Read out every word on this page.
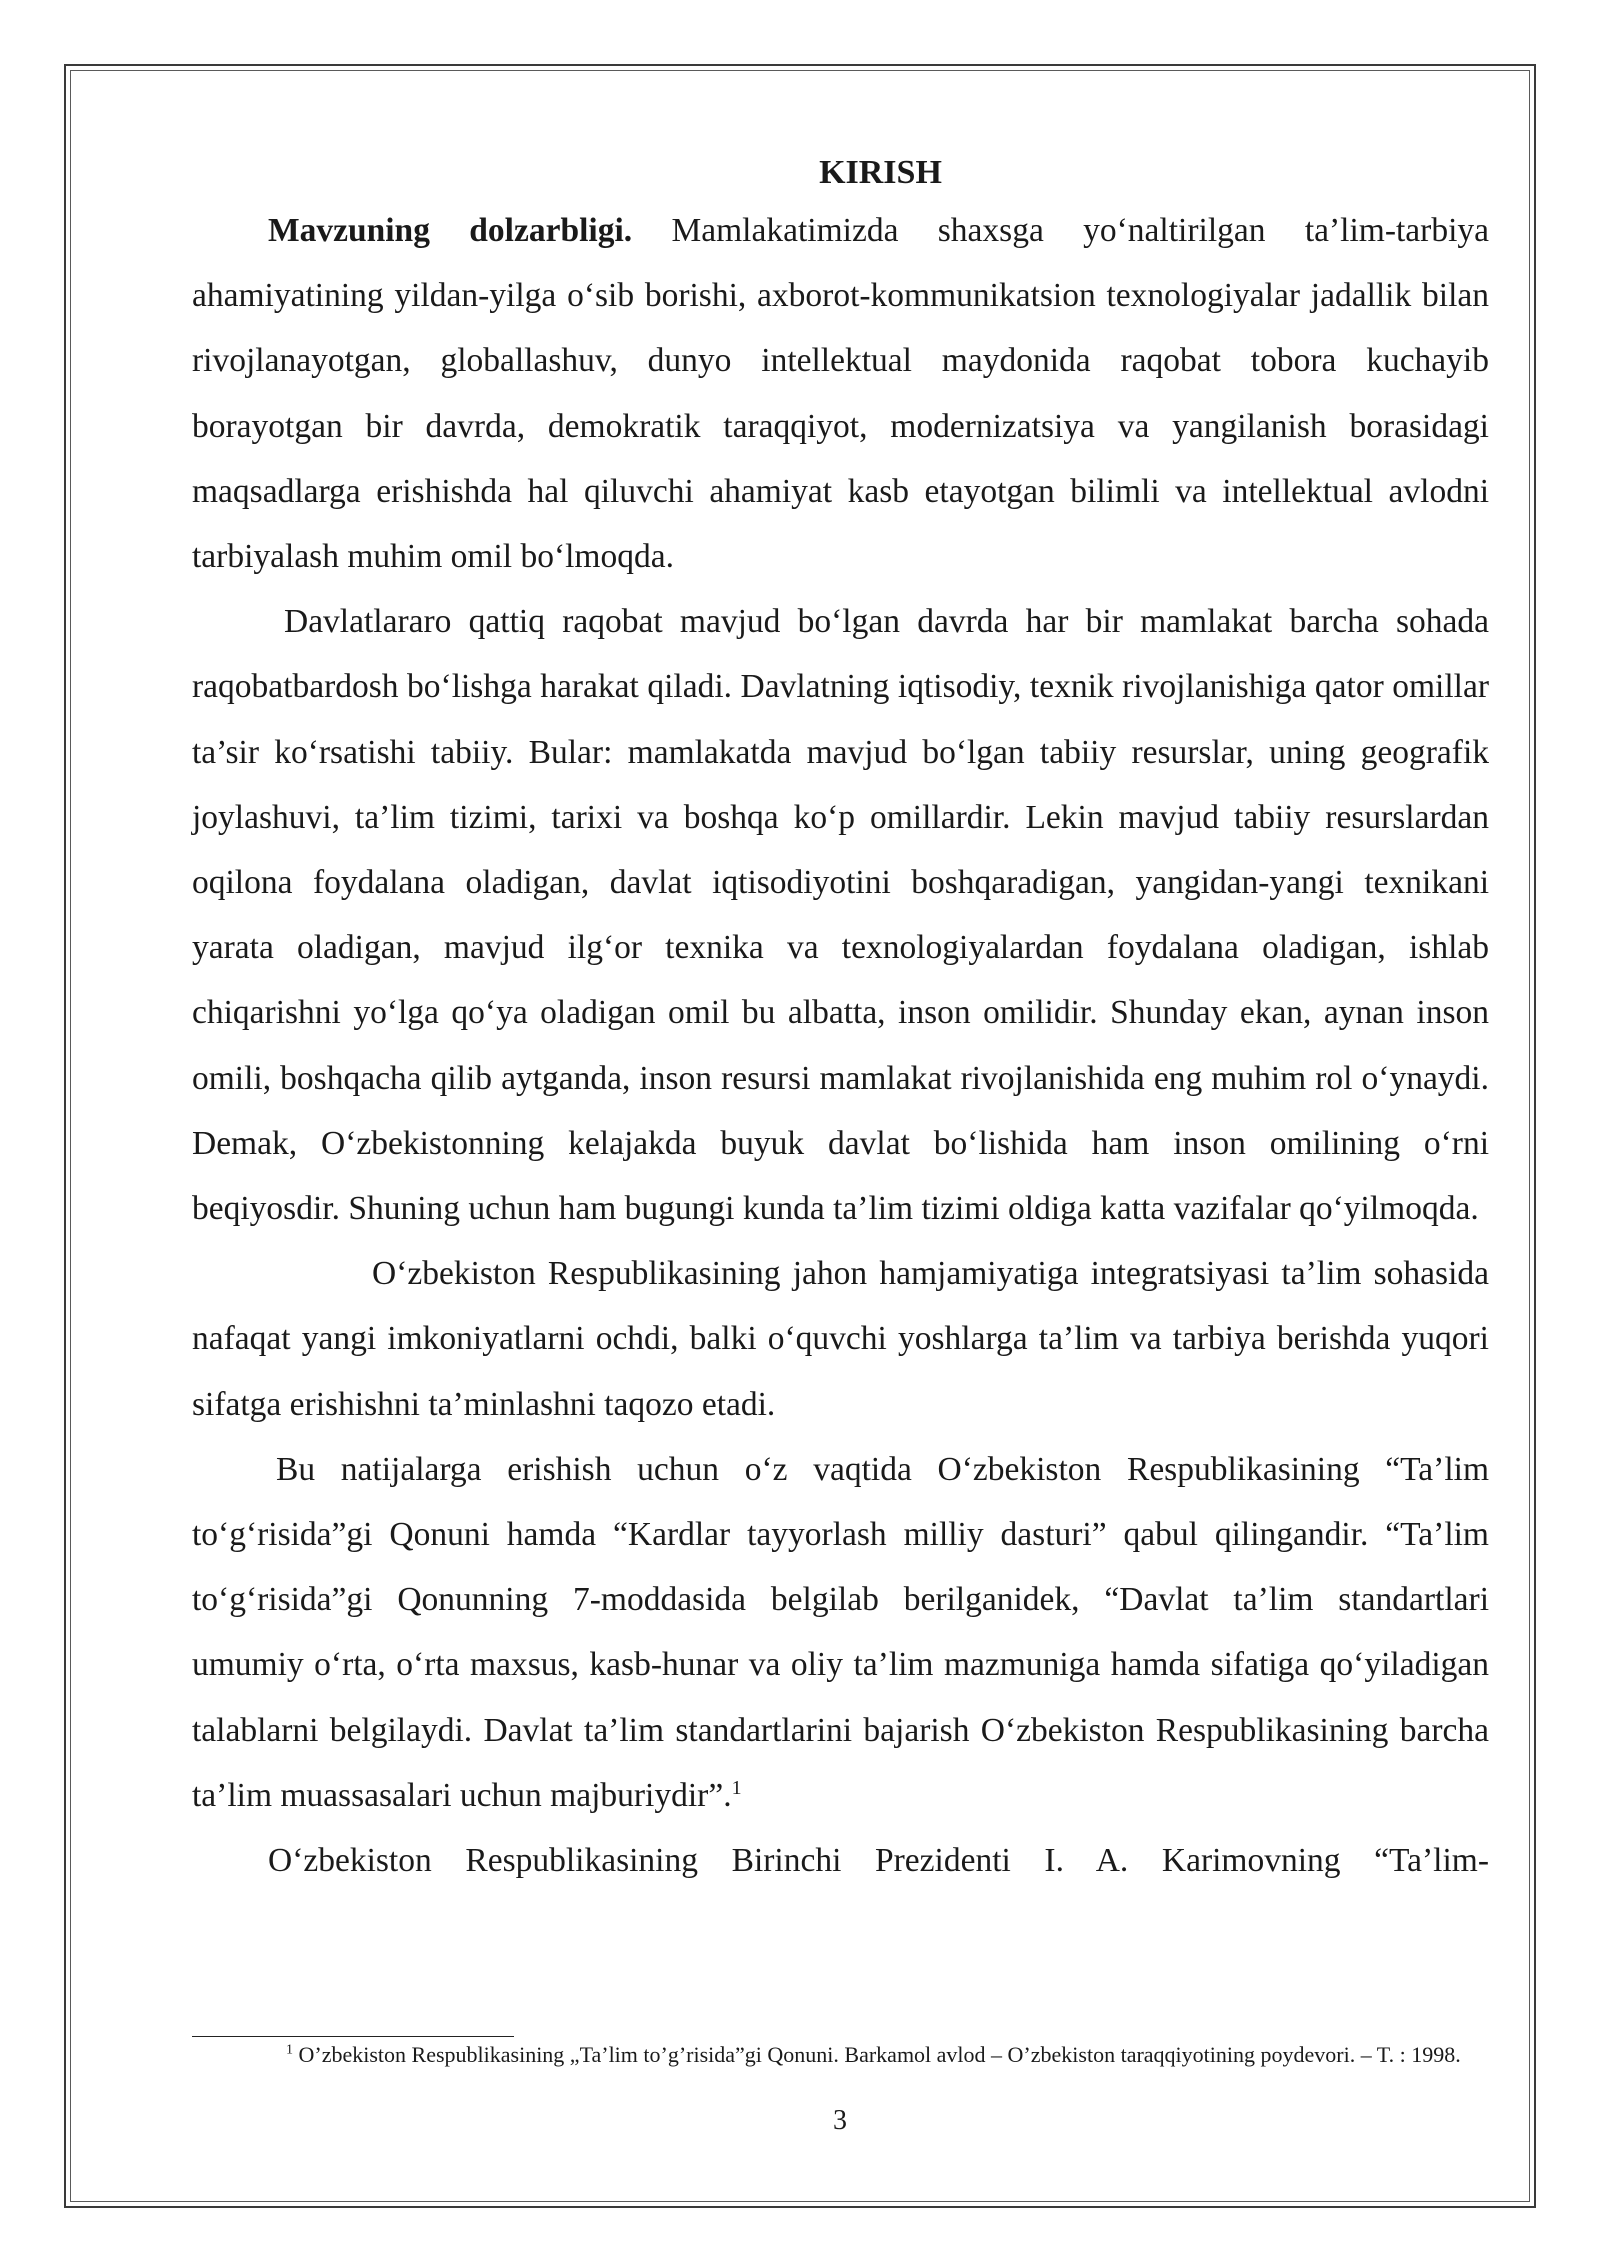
KIRISH

Mavzuning dolzarbligi. Mamlakatimizda shaxsga yo‘naltirilgan ta’lim-tarbiya ahamiyatining yildan-yilga o‘sib borishi, axborot-kommunikatsion texnologiyalar jadallik bilan rivojlanayotgan, globallashuv, dunyo intellektual maydonida raqobat tobora kuchayib borayotgan bir davrda, demokratik taraqqiyot, modernizatsiya va yangilanish borasidagi maqsadlarga erishishda hal qiluvchi ahamiyat kasb etayotgan bilimli va intellektual avlodni tarbiyalash muhim omil bo‘lmoqda.

Davlatlararo qattiq raqobat mavjud bo‘lgan davrda har bir mamlakat barcha sohada raqobatbardosh bo‘lishga harakat qiladi. Davlatning iqtisodiy, texnik rivojlanishiga qator omillar ta’sir ko‘rsatishi tabiiy. Bular: mamlakatda mavjud bo‘lgan tabiiy resurslar, uning geografik joylashuvi, ta’lim tizimi, tarixi va boshqa ko‘p omillardir. Lekin mavjud tabiiy resurslardan oqilona foydalana oladigan, davlat iqtisodiyotini boshqaradigan, yangidan-yangi texnikani yarata oladigan, mavjud ilg‘or texnika va texnologiyalardan foydalana oladigan, ishlab chiqarishni yo‘lga qo‘ya oladigan omil bu albatta, inson omilidir. Shunday ekan, aynan inson omili, boshqacha qilib aytganda, inson resursi mamlakat rivojlanishida eng muhim rol o‘ynaydi. Demak, O‘zbekistonning kelajakda buyuk davlat bo‘lishida ham inson omilining o‘rni beqiyosdir. Shuning uchun ham bugungi kunda ta’lim tizimi oldiga katta vazifalar qo‘yilmoqda.

O‘zbekiston Respublikasining jahon hamjamiyatiga integratsiyasi ta’lim sohasida nafaqat yangi imkoniyatlarni ochdi, balki o‘quvchi yoshlarga ta’lim va tarbiya berishda yuqori sifatga erishishni ta’minlashni taqozo etadi.

Bu natijalarga erishish uchun o‘z vaqtida O‘zbekiston Respublikasining “Ta’lim to‘g‘risida”gi Qonuni hamda “Kardlar tayyorlash milliy dasturi” qabul qilingandir. “Ta’lim to‘g‘risida”gi Qonunning 7-moddasida belgilab berilganidek, “Davlat ta’lim standartlari umumiy o‘rta, o‘rta maxsus, kasb-hunar va oliy ta’lim mazmuniga hamda sifatiga qo‘yiladigan talablarni belgilaydi. Davlat ta’lim standartlarini bajarish O‘zbekiston Respublikasining barcha ta’lim muassasalari uchun majburiydir”.$^1$

O‘zbekiston Respublikasining Birinchi Prezidenti I. A. Karimovning “Ta’lim-

$^1$ O’zbekiston Respublikasining „Ta’lim to’g’risida”gi Qonuni. Barkamol avlod – O’zbekiston taraqqiyotining poydevori. – T. : 1998.

3
